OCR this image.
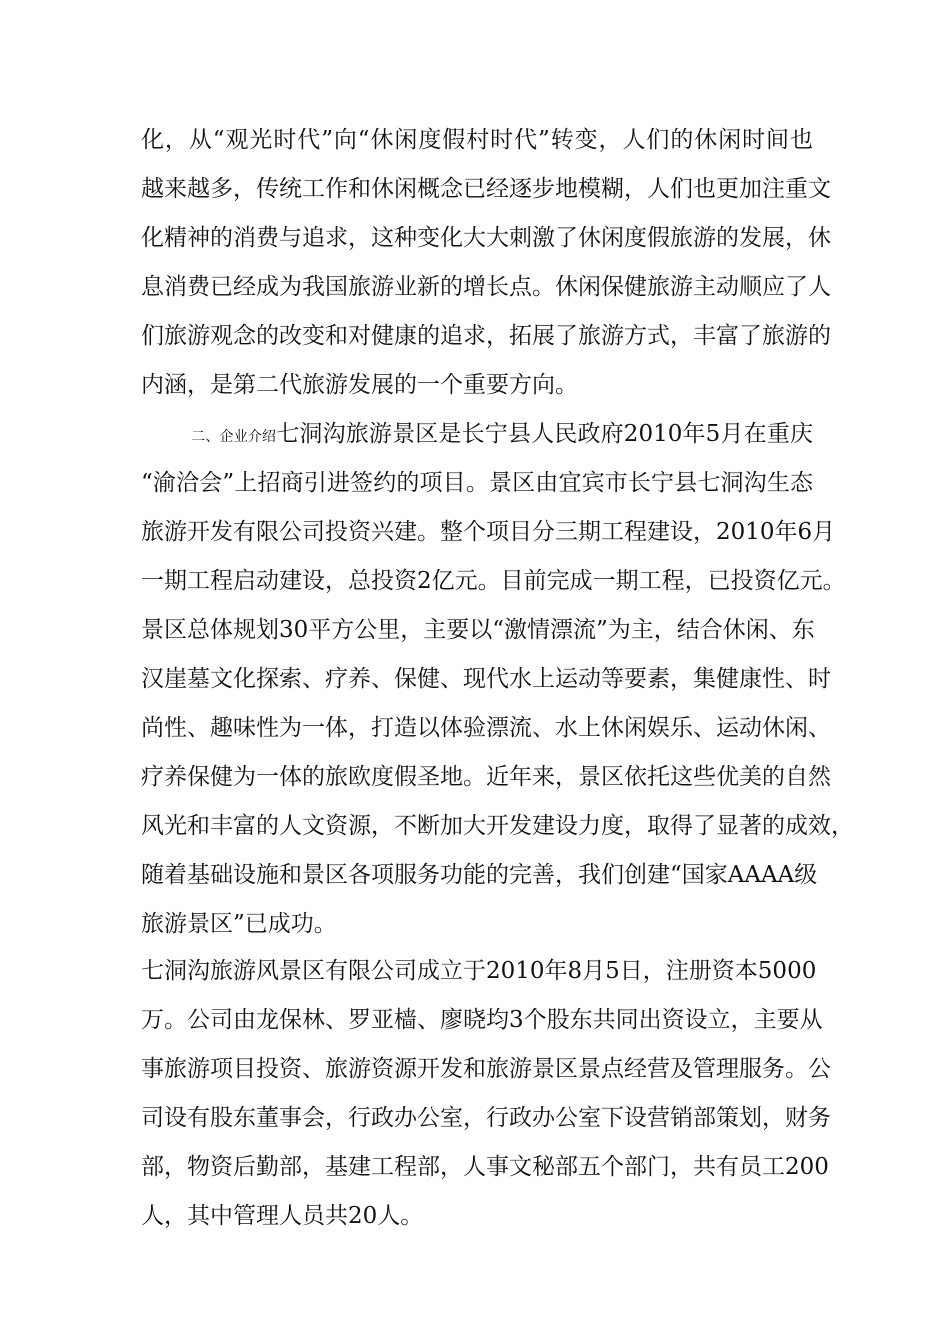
化，从“观光时代”向“休闲度假村时代”转变，人们的休闲时间也
越来越多，传统工作和休闲概念已经逐步地模糊，人们也更加注重文
化精神的消费与追求，这种变化大大刺激了休闲度假旅游的发展，休
息消费已经成为我国旅游业新的增长点。休闲保健旅游主动顺应了人
们旅游观念的改变和对健康的追求，拓展了旅游方式，丰富了旅游的
内涵，是第二代旅游发展的一个重要方向。
二、企业介绍七洞沟旅游景区是长宁县人民政府2010年5月在重庆
“渝洽会”上招商引进签约的项目。景区由宜宾市长宁县七洞沟生态
旅游开发有限公司投资兴建。整个项目分三期工程建设，2010年6月
一期工程启动建设，总投资2亿元。目前完成一期工程，已投资亿元。
景区总体规划30平方公里，主要以“激情漂流”为主，结合休闲、东
汉崖墓文化探索、疗养、保健、现代水上运动等要素，集健康性、时
尚性、趣味性为一体，打造以体验漂流、水上休闲娱乐、运动休闲、
疗养保健为一体的旅欧度假圣地。近年来，景区依托这些优美的自然
风光和丰富的人文资源，不断加大开发建设力度，取得了显著的成效，
随着基础设施和景区各项服务功能的完善，我们创建“国家AAAA级
旅游景区”已成功。
七洞沟旅游风景区有限公司成立于2010年8月5日，注册资本5000
万。公司由龙保林、罗亚樯、廖晓均3个股东共同出资设立，主要从
事旅游项目投资、旅游资源开发和旅游景区景点经营及管理服务。公
司设有股东董事会，行政办公室，行政办公室下设营销部策划，财务
部，物资后勤部，基建工程部，人事文秘部五个部门，共有员工200
人，其中管理人员共20人。
